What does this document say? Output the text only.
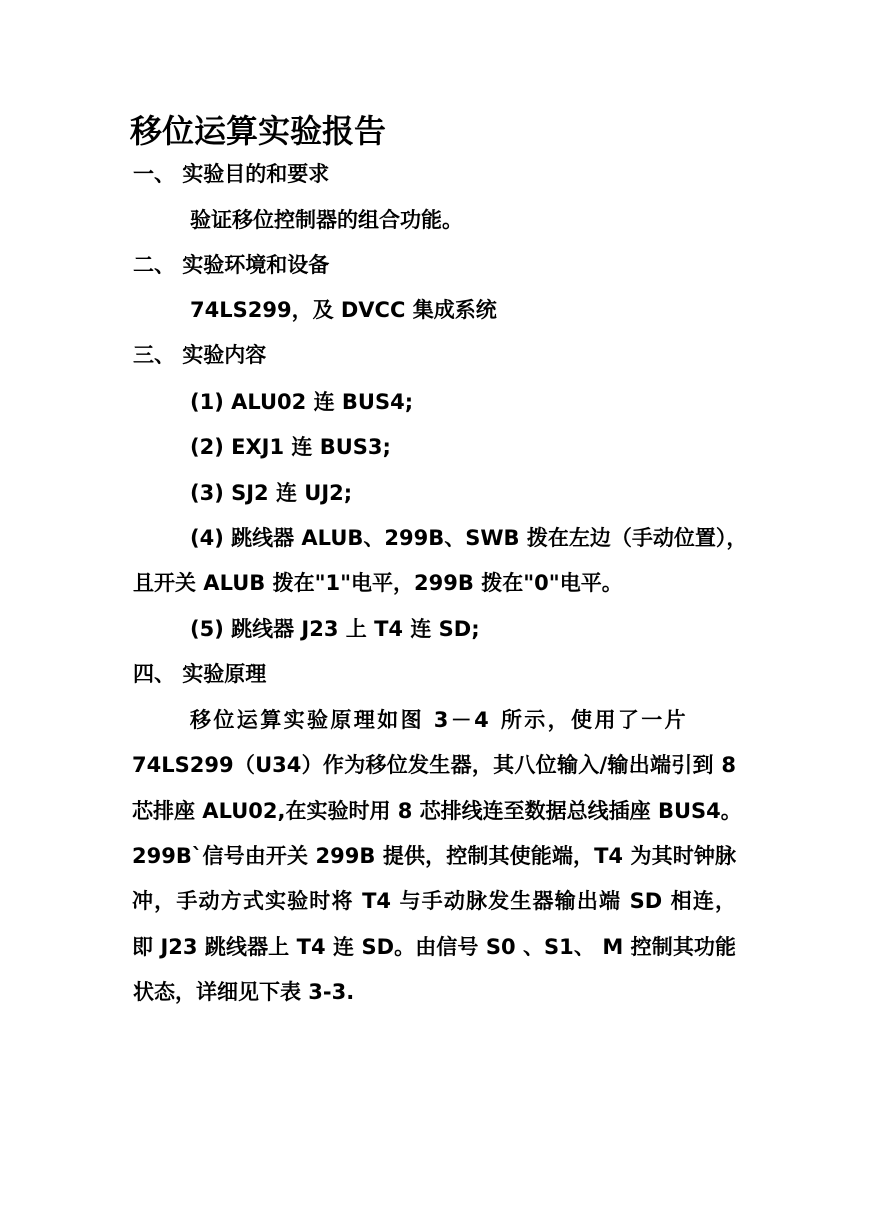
移位运算实验报告
一、 实验目的和要求
验证移位控制器的组合功能。
二、 实验环境和设备
74LS299，及 DVCC 集成系统
三、 实验内容
(1) ALU02 连 BUS4;
(2) EXJ1 连 BUS3;
(3) SJ2 连 UJ2;
(4) 跳线器 ALUB、299B、SWB 拨在左边（手动位置），
且开关 ALUB 拨在"1"电平，299B 拨在"0"电平。
(5) 跳线器 J23 上 T4 连 SD;
四、 实验原理
移位运算实验原理如图 3－4 所示，使用了一片
74LS299（U34）作为移位发生器，其八位输入/输出端引到 8
芯排座 ALU02,在实验时用 8 芯排线连至数据总线插座 BUS4。
299B`信号由开关 299B 提供，控制其使能端，T4 为其时钟脉
冲，手动方式实验时将 T4 与手动脉发生器输出端 SD 相连，
即 J23 跳线器上 T4 连 SD。由信号 S0 、S1、 M 控制其功能
状态，详细见下表 3-3.
